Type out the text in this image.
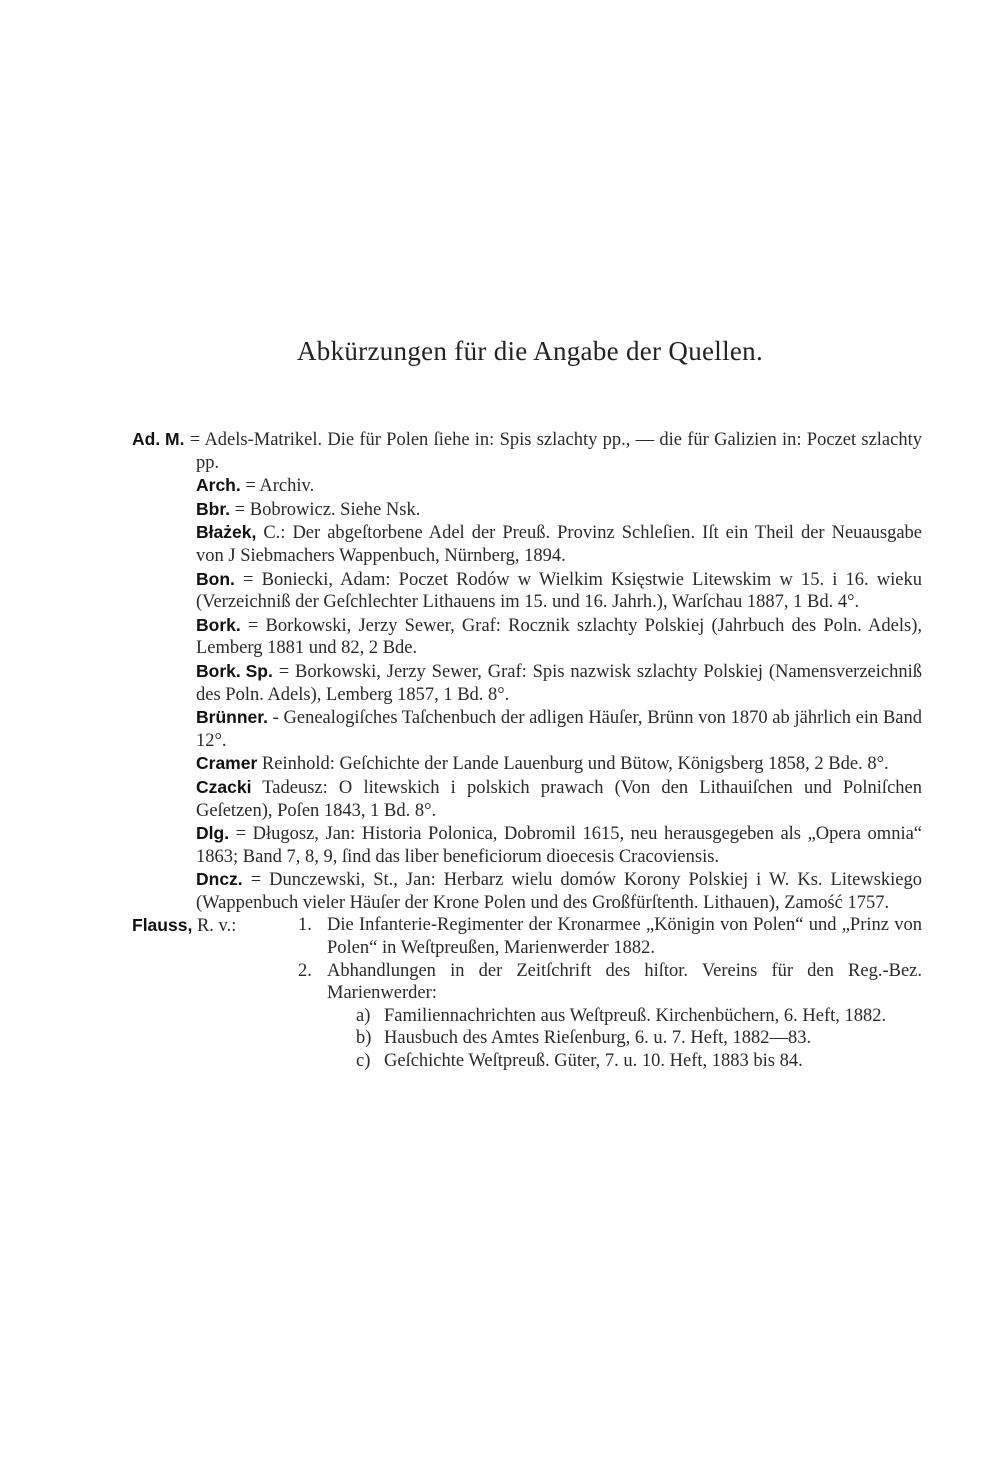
Abkürzungen für die Angabe der Quellen.
Ad. M. = Adels-Matrikel. Die für Polen ſiehe in: Spis szlachty pp., — die für Galizien in: Poczet szlachty pp.
Arch. = Archiv.
Bbr. = Bobrowicz. Siehe Nsk.
Błażek, C.: Der abgeſtorbene Adel der Preuß. Provinz Schleſien. Iſt ein Theil der Neuausgabe von J Siebmachers Wappenbuch, Nürnberg, 1894.
Bon. = Boniecki, Adam: Poczet Rodów w Wielkim Księstwie Litewskim w 15. i 16. wieku (Verzeichniß der Geſchlechter Lithauens im 15. und 16. Jahrh.), Warſchau 1887, 1 Bd. 4°.
Bork. = Borkowski, Jerzy Sewer, Graf: Rocznik szlachty Polskiej (Jahrbuch des Poln. Adels), Lemberg 1881 und 82, 2 Bde.
Bork. Sp. = Borkowski, Jerzy Sewer, Graf: Spis nazwisk szlachty Polskiej (Namensverzeichniß des Poln. Adels), Lemberg 1857, 1 Bd. 8°.
Brünner. - Genealogiſches Taſchenbuch der adligen Häuſer, Brünn von 1870 ab jährlich ein Band 12°.
Cramer Reinhold: Geſchichte der Lande Lauenburg und Bütow, Königsberg 1858, 2 Bde. 8°.
Czacki Tadeusz: O litewskich i polskich prawach (Von den Lithauiſchen und Polniſchen Geſetzen), Poſen 1843, 1 Bd. 8°.
Dlg. = Długosz, Jan: Historia Polonica, Dobromil 1615, neu herausgegeben als „Opera omnia“ 1863; Band 7, 8, 9, ſind das liber beneficiorum dioecesis Cracoviensis.
Dncz. = Dunczewski, St., Jan: Herbarz wielu domów Korony Polskiej i W. Ks. Litewskiego (Wappenbuch vieler Häuſer der Krone Polen und des Großfürſtenth. Lithauen), Zamość 1757.
Flauss, R. v.:	1. Die Infanterie-Regimenter der Kronarmee „Königin von Polen“ und „Prinz von Polen“ in Weſtpreußen, Marienwerder 1882.
2. Abhandlungen in der Zeitſchrift des hiſtor. Vereins für den Reg.-Bez. Marienwerder:
a) Familiennachrichten aus Weſtpreuß. Kirchenbüchern, 6. Heft, 1882.
b) Hausbuch des Amtes Rieſenburg, 6. u. 7. Heft, 1882—83.
c) Geſchichte Weſtpreuß. Güter, 7. u. 10. Heft, 1883 bis 84.
